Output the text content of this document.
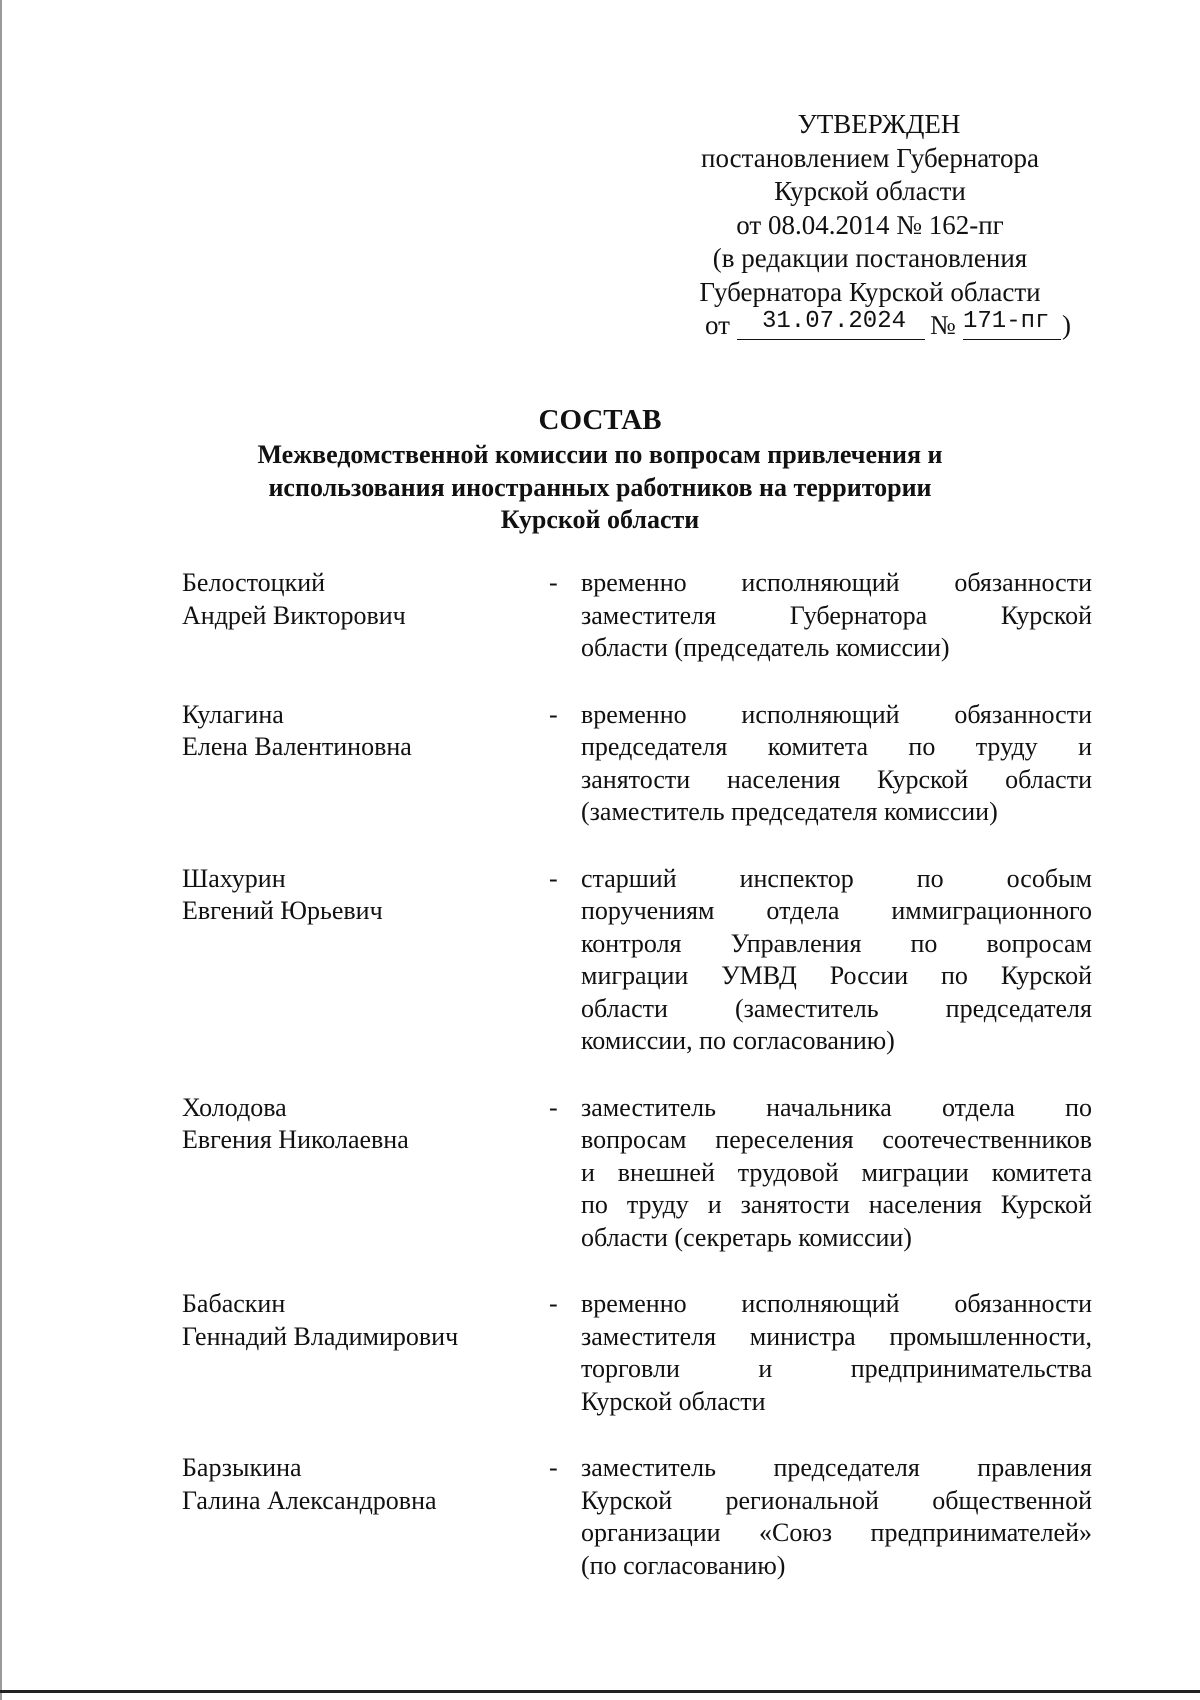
УТВЕРЖДЕН
постановлением Губернатора
Курской области
от 08.04.2014 № 162-пг
(в редакции постановления
Губернатора Курской области
от	31.07.2024 № 171-пг )
СОСТАВ
Межведомственной комиссии по вопросам привлечения и
использования иностранных работников на территории
Курской области
Белостоцкий
Андрей Викторович
- временно исполняющий обязанности
заместителя Губернатора Курской
области (председатель комиссии)
Кулагина
Елена Валентиновна
- временно исполняющий обязанности
председателя комитета по труду и
занятости населения Курской области
(заместитель председателя комиссии)
Шахурин
Евгений Юрьевич
- старший инспектор по особым
поручениям отдела иммиграционного
контроля Управления по вопросам
миграции УМВД России по Курской
области (заместитель председателя
комиссии, по согласованию)
Холодова
Евгения Николаевна
- заместитель начальника отдела по
вопросам переселения соотечественников
и внешней трудовой миграции комитета
по труду и занятости населения Курской
области (секретарь комиссии)
Бабаскин
Геннадий Владимирович
- временно исполняющий обязанности
заместителя министра промышленности,
торговли и предпринимательства
Курской области
Барзыкина
Галина Александровна
- заместитель председателя правления
Курской региональной общественной
организации «Союз предпринимателей»
(по согласованию)
